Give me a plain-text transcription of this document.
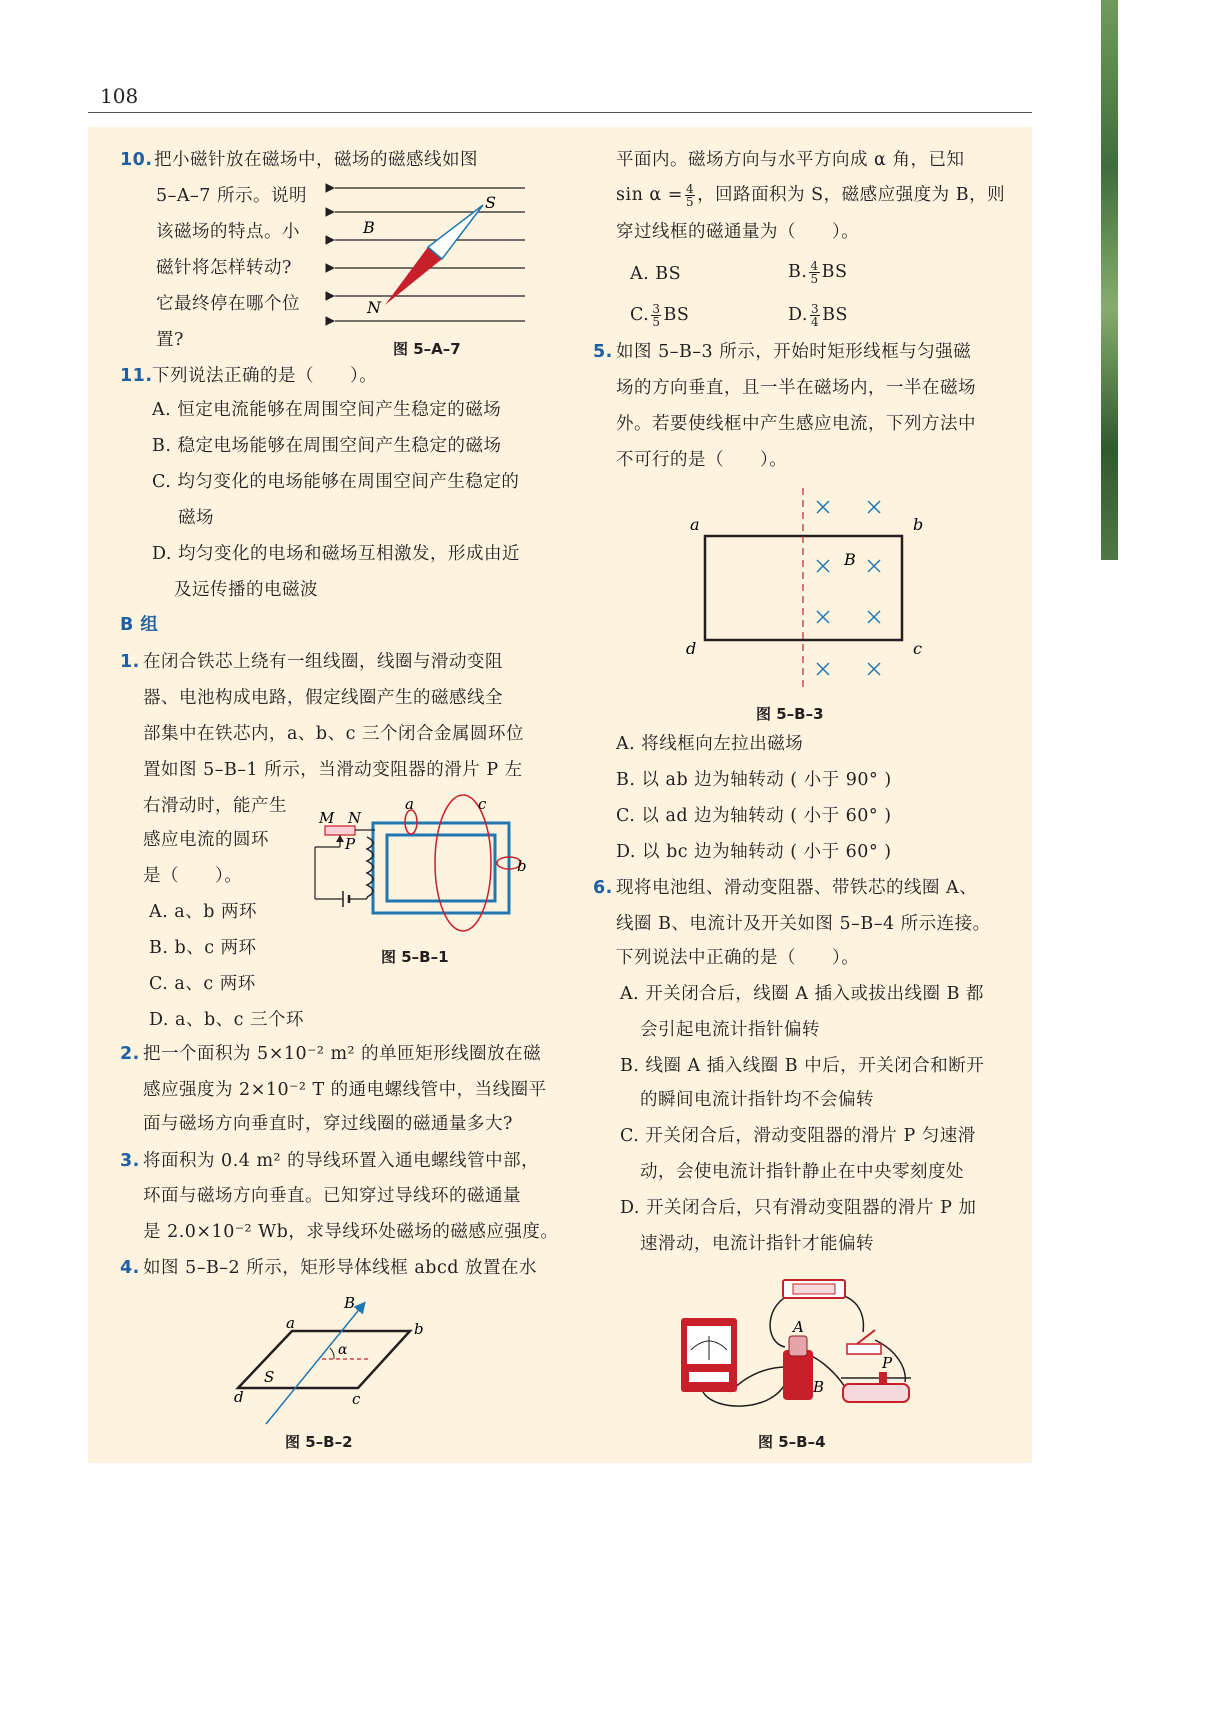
108
10. 把小磁针放在磁场中，磁场的磁感线如图
5–A–7 所示。说明
该磁场的特点。小
磁针将怎样转动?
它最终停在哪个位
置?
S
B
N
图 5–A–7
11. 下列说法正确的是（　　）。
A. 恒定电流能够在周围空间产生稳定的磁场
B. 稳定电场能够在周围空间产生稳定的磁场
C. 均匀变化的电场能够在周围空间产生稳定的
磁场
D. 均匀变化的电场和磁场互相激发，形成由近
及远传播的电磁波
B 组
1. 在闭合铁芯上绕有一组线圈，线圈与滑动变阻
器、电池构成电路，假定线圈产生的磁感线全
部集中在铁芯内，a、b、c 三个闭合金属圆环位
置如图 5–B–1 所示，当滑动变阻器的滑片 P 左
右滑动时，能产生
感应电流的圆环
是（　　）。
A. a、b 两环
B. b、c 两环
C. a、c 两环
D. a、b、c 三个环
M N
P
a	c
b
图 5–B–1
2. 把一个面积为 5×10⁻² m² 的单匝矩形线圈放在磁
感应强度为 2×10⁻² T 的通电螺线管中，当线圈平
面与磁场方向垂直时，穿过线圈的磁通量多大?
3. 将面积为 0.4 m² 的导线环置入通电螺线管中部，
环面与磁场方向垂直。已知穿过导线环的磁通量
是 2.0×10⁻² Wb，求导线环处磁场的磁感应强度。
4. 如图 5–B–2 所示，矩形导体线框 abcd 放置在水
B
a	b
c
d
S
α
图 5–B–2
平面内。磁场方向与水平方向成 α 角，已知
$\sin \alpha = \frac{4}{5}$ ，回路面积为 S，磁感应强度为 B，则
穿过线框的磁通量为（　　）。
A. BS	B. $\frac{4}{5}$ BS
C. $\frac{3}{5}$ BS	D. $\frac{3}{4}$ BS
5. 如图 5–B–3 所示，开始时矩形线框与匀强磁
场的方向垂直，且一半在磁场内，一半在磁场
外。若要使线框中产生感应电流，下列方法中
不可行的是（　　）。
a	b
d	c
B
图 5–B–3
A. 将线框向左拉出磁场
B. 以 ab 边为轴转动 ( 小于 90° )
C. 以 ad 边为轴转动 ( 小于 60° )
D. 以 bc 边为轴转动 ( 小于 60° )
6. 现将电池组、滑动变阻器、带铁芯的线圈 A、
线圈 B、电流计及开关如图 5–B–4 所示连接。
下列说法中正确的是（　　）。
A. 开关闭合后，线圈 A 插入或拔出线圈 B 都
会引起电流计指针偏转
B. 线圈 A 插入线圈 B 中后，开关闭合和断开
的瞬间电流计指针均不会偏转
C. 开关闭合后，滑动变阻器的滑片 P 匀速滑
动，会使电流计指针静止在中央零刻度处
D. 开关闭合后，只有滑动变阻器的滑片 P 加
速滑动，电流计指针才能偏转
A
B
P
图 5–B–4
